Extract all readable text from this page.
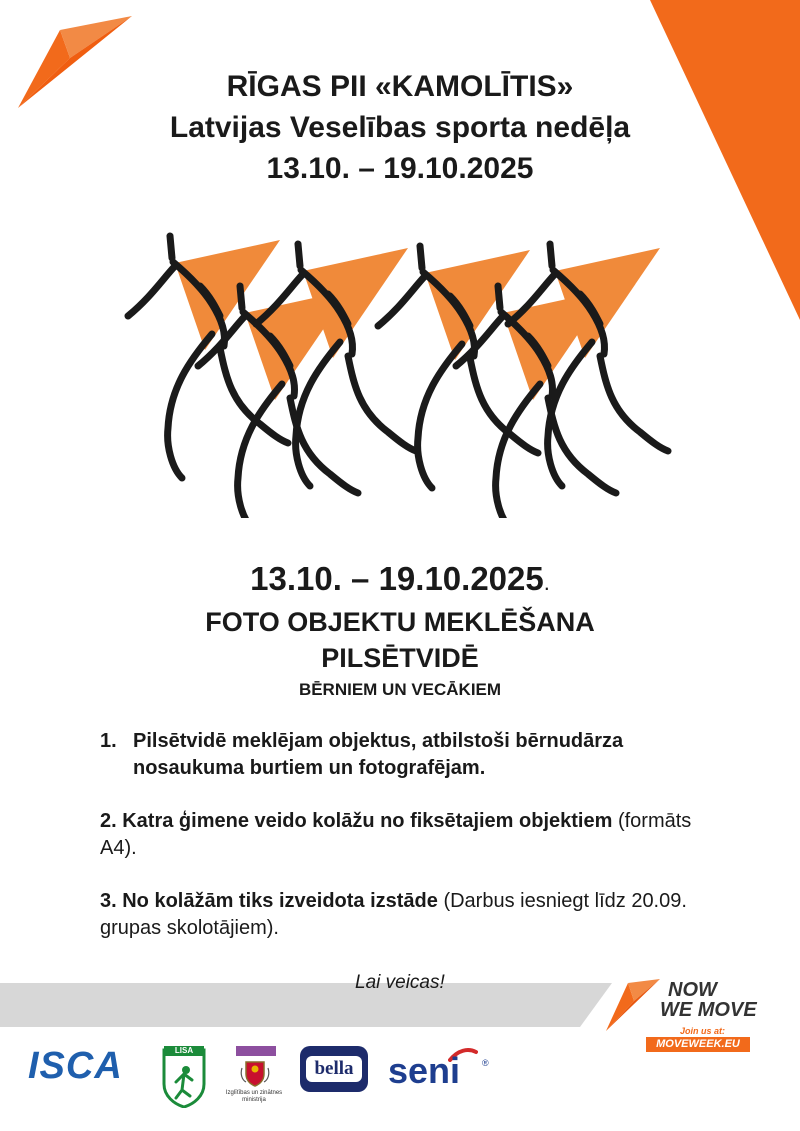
RĪGAS PII «KAMOLĪTIS»
Latvijas Veselības sporta nedēļa
13.10. – 19.10.2025
13.10. – 19.10.2025.
FOTO OBJEKTU MEKLĒŠANA
PILSĒTVIDĒ
BĒRNIEM UN VECĀKIEM
1. Pilsētvidē meklējam objektus, atbilstoši bērnudārza nosaukuma burtiem un fotografējam.
2. Katra ģimene veido kolāžu no fiksētajiem objektiem (formāts A4).
3. No kolāžām tiks izveidota izstāde (Darbus iesniegt līdz 20.09. grupas skolotājiem).
Lai veicas!	NOW
WE MOVE
Join us at:
MOVEWEEK.EU
ISCA	LISA
Izglītības un zinātnes
ministrija
bella seni ®
